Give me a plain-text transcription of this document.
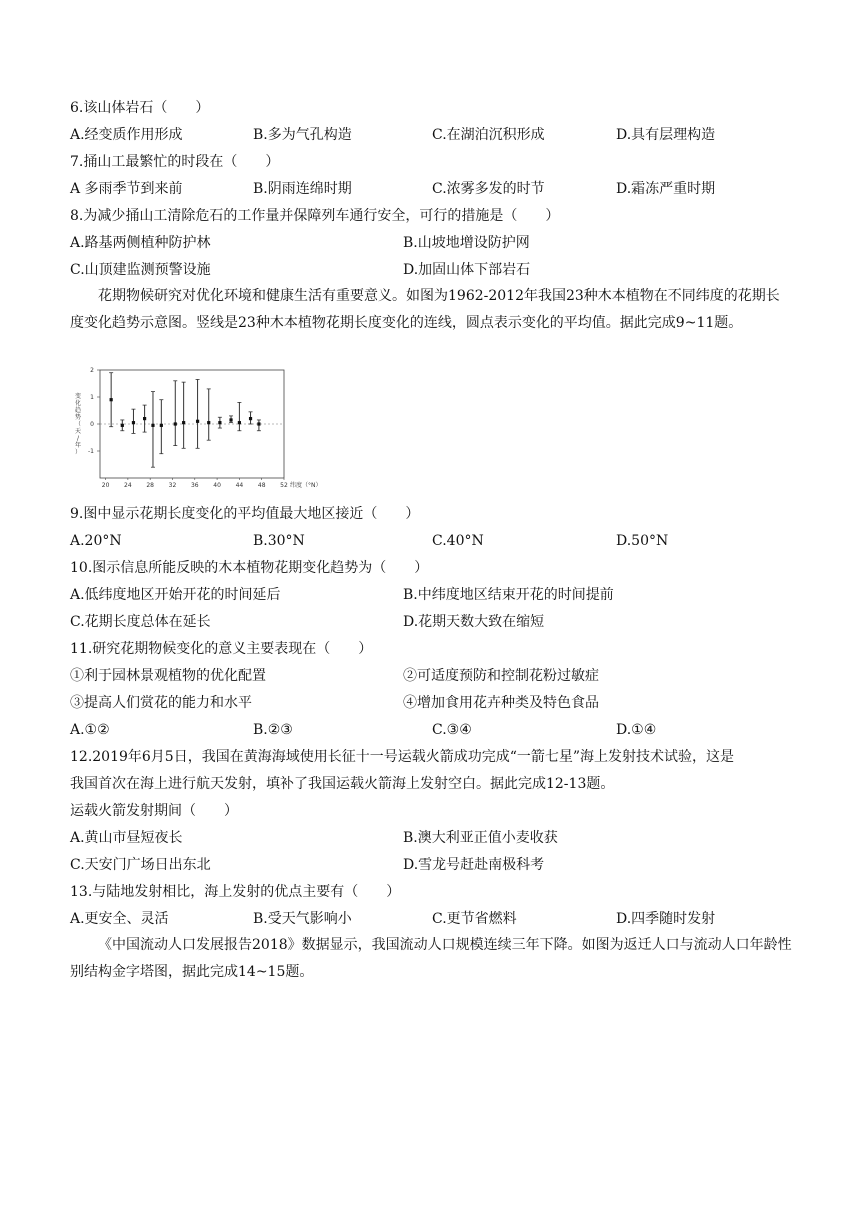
6.该山体岩石（　　）
A.经变质作用形成	B.多为气孔构造	C.在湖泊沉积形成	D.具有层理构造
7.捅山工最繁忙的时段在（　　）
A 多雨季节到来前	B.阴雨连绵时期	C.浓雾多发的时节	D.霜冻严重时期
8.为减少捅山工清除危石的工作量并保障列车通行安全，可行的措施是（　　）
A.路基两侧植种防护林	B.山坡地增设防护网
C.山顶建监测预警设施	D.加固山体下部岩石
花期物候研究对优化环境和健康生活有重要意义。如图为1962-2012年我国23种木本植物在不同纬度的花期长度变化趋势示意图。竖线是23种木本植物花期长度变化的连线，圆点表示变化的平均值。据此完成9~11题。
变
化
趋
势
（
天
/
年
）
2
1
0
-1
20 24 28 32 36 40 44 48 52 纬度（°N）
9.图中显示花期长度变化的平均值最大地区接近（　　）
A.20°N	B.30°N	C.40°N	D.50°N
10.图示信息所能反映的木本植物花期变化趋势为（　　）
A.低纬度地区开始开花的时间延后	B.中纬度地区结束开花的时间提前
C.花期长度总体在延长	D.花期天数大致在缩短
11.研究花期物候变化的意义主要表现在（　　）
①利于园林景观植物的优化配置	②可适度预防和控制花粉过敏症
③提高人们赏花的能力和水平	④增加食用花卉种类及特色食品
A.①②	B.②③	C.③④	D.①④
12.2019年6月5日，我国在黄海海域使用长征十一号运载火箭成功完成“一箭七星”海上发射技术试验，这是
我国首次在海上进行航天发射，填补了我国运载火箭海上发射空白。据此完成12-13题。
运载火箭发射期间（　　）
A.黄山市昼短夜长	B.澳大利亚正值小麦收获
C.天安门广场日出东北	D.雪龙号赶赴南极科考
13.与陆地发射相比，海上发射的优点主要有（　　）
A.更安全、灵活	B.受天气影响小	C.更节省燃料	D.四季随时发射
《中国流动人口发展报告2018》数据显示，我国流动人口规模连续三年下降。如图为返迁人口与流动人口年龄性别结构金字塔图，据此完成14~15题。
